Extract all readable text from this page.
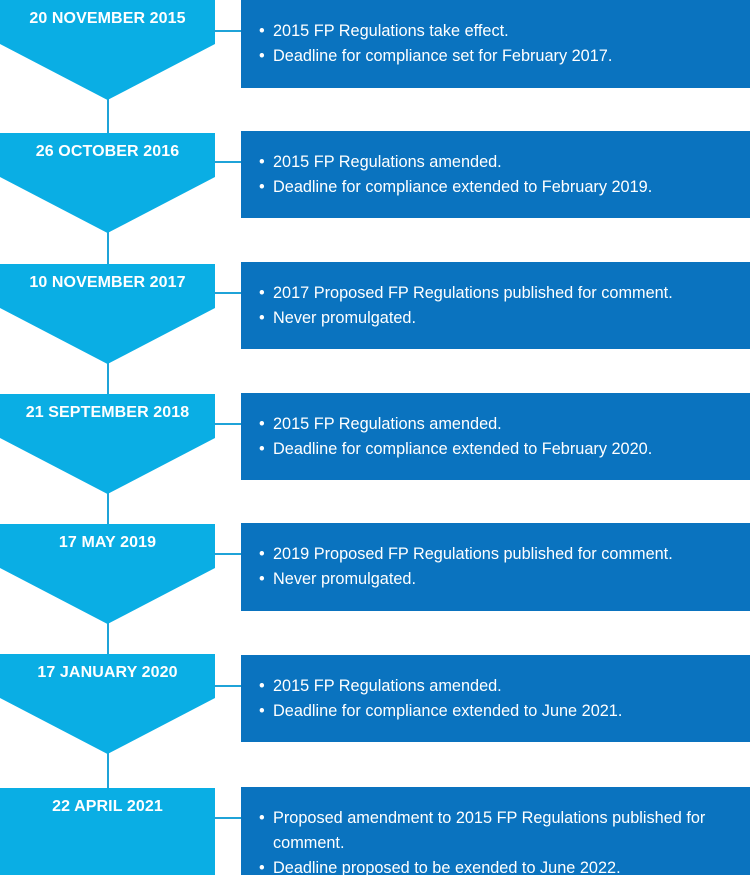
20 NOVEMBER 2015
• 2015 FP Regulations take effect.
• Deadline for compliance set for February 2017.
26 OCTOBER 2016
• 2015 FP Regulations amended.
• Deadline for compliance extended to February 2019.
10 NOVEMBER 2017
• 2017 Proposed FP Regulations published for comment.
• Never promulgated.
21 SEPTEMBER 2018
• 2015 FP Regulations amended.
• Deadline for compliance extended to February 2020.
17 MAY 2019
• 2019 Proposed FP Regulations published for comment.
• Never promulgated.
17 JANUARY 2020
• 2015 FP Regulations amended.
• Deadline for compliance extended to June 2021.
22 APRIL 2021
• Proposed amendment to 2015 FP Regulations published for comment.
• Deadline proposed to be exended to June 2022.
